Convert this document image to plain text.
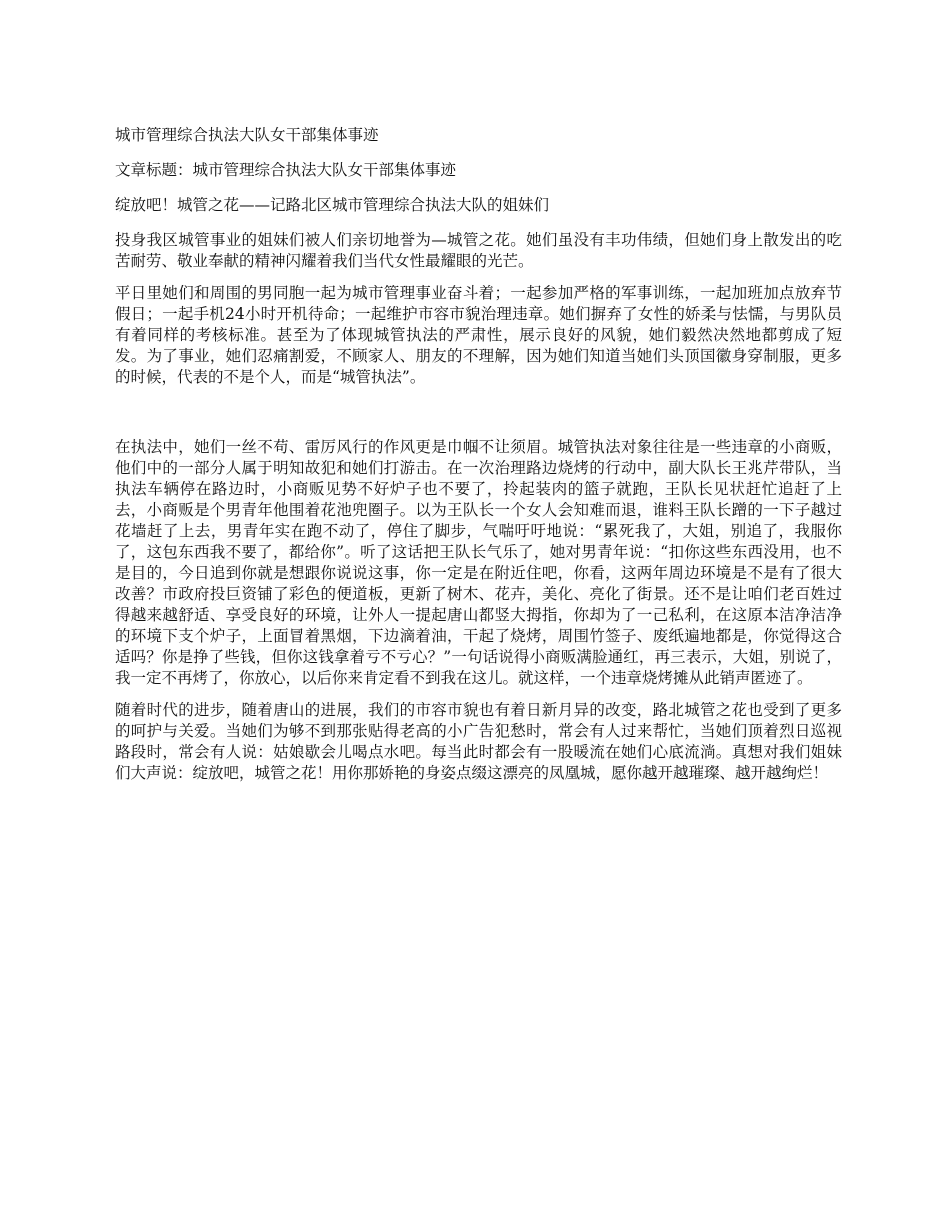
城市管理综合执法大队女干部集体事迹

文章标题：城市管理综合执法大队女干部集体事迹

绽放吧！城管之花——记路北区城市管理综合执法大队的姐妹们

投身我区城管事业的姐妹们被人们亲切地誉为—城管之花。她们虽没有丰功伟绩，但她们身上散发出的吃苦耐劳、敬业奉献的精神闪耀着我们当代女性最耀眼的光芒。

平日里她们和周围的男同胞一起为城市管理事业奋斗着；一起参加严格的军事训练，一起加班加点放弃节假日；一起手机24小时开机待命；一起维护市容市貌治理违章。她们摒弃了女性的娇柔与怯懦，与男队员有着同样的考核标准。甚至为了体现城管执法的严肃性，展示良好的风貌，她们毅然决然地都剪成了短发。为了事业，她们忍痛割爱，不顾家人、朋友的不理解，因为她们知道当她们头顶国徽身穿制服，更多的时候，代表的不是个人，而是“城管执法”。

在执法中，她们一丝不苟、雷厉风行的作风更是巾帼不让须眉。城管执法对象往往是一些违章的小商贩，他们中的一部分人属于明知故犯和她们打游击。在一次治理路边烧烤的行动中，副大队长王兆芹带队，当执法车辆停在路边时，小商贩见势不好炉子也不要了，拎起装肉的篮子就跑，王队长见状赶忙追赶了上去，小商贩是个男青年他围着花池兜圈子。以为王队长一个女人会知难而退，谁料王队长蹭的一下子越过花墙赶了上去，男青年实在跑不动了，停住了脚步，气喘吁吁地说：“累死我了，大姐，别追了，我服你了，这包东西我不要了，都给你”。听了这话把王队长气乐了，她对男青年说：“扣你这些东西没用，也不是目的，今日追到你就是想跟你说说这事，你一定是在附近住吧，你看，这两年周边环境是不是有了很大改善？市政府投巨资铺了彩色的便道板，更新了树木、花卉，美化、亮化了街景。还不是让咱们老百姓过得越来越舒适、享受良好的环境，让外人一提起唐山都竖大拇指，你却为了一己私利，在这原本洁净洁净的环境下支个炉子，上面冒着黑烟，下边滴着油，干起了烧烤，周围竹签子、废纸遍地都是，你觉得这合适吗？你是挣了些钱，但你这钱拿着亏不亏心？”一句话说得小商贩满脸通红，再三表示，大姐，别说了，我一定不再烤了，你放心，以后你来肯定看不到我在这儿。就这样，一个违章烧烤摊从此销声匿迹了。

随着时代的进步，随着唐山的进展，我们的市容市貌也有着日新月异的改变，路北城管之花也受到了更多的呵护与关爱。当她们为够不到那张贴得老高的小广告犯愁时，常会有人过来帮忙，当她们顶着烈日巡视路段时，常会有人说：姑娘歇会儿喝点水吧。每当此时都会有一股暖流在她们心底流淌。真想对我们姐妹们大声说：绽放吧，城管之花！用你那娇艳的身姿点缀这漂亮的凤凰城，愿你越开越璀璨、越开越绚烂！
